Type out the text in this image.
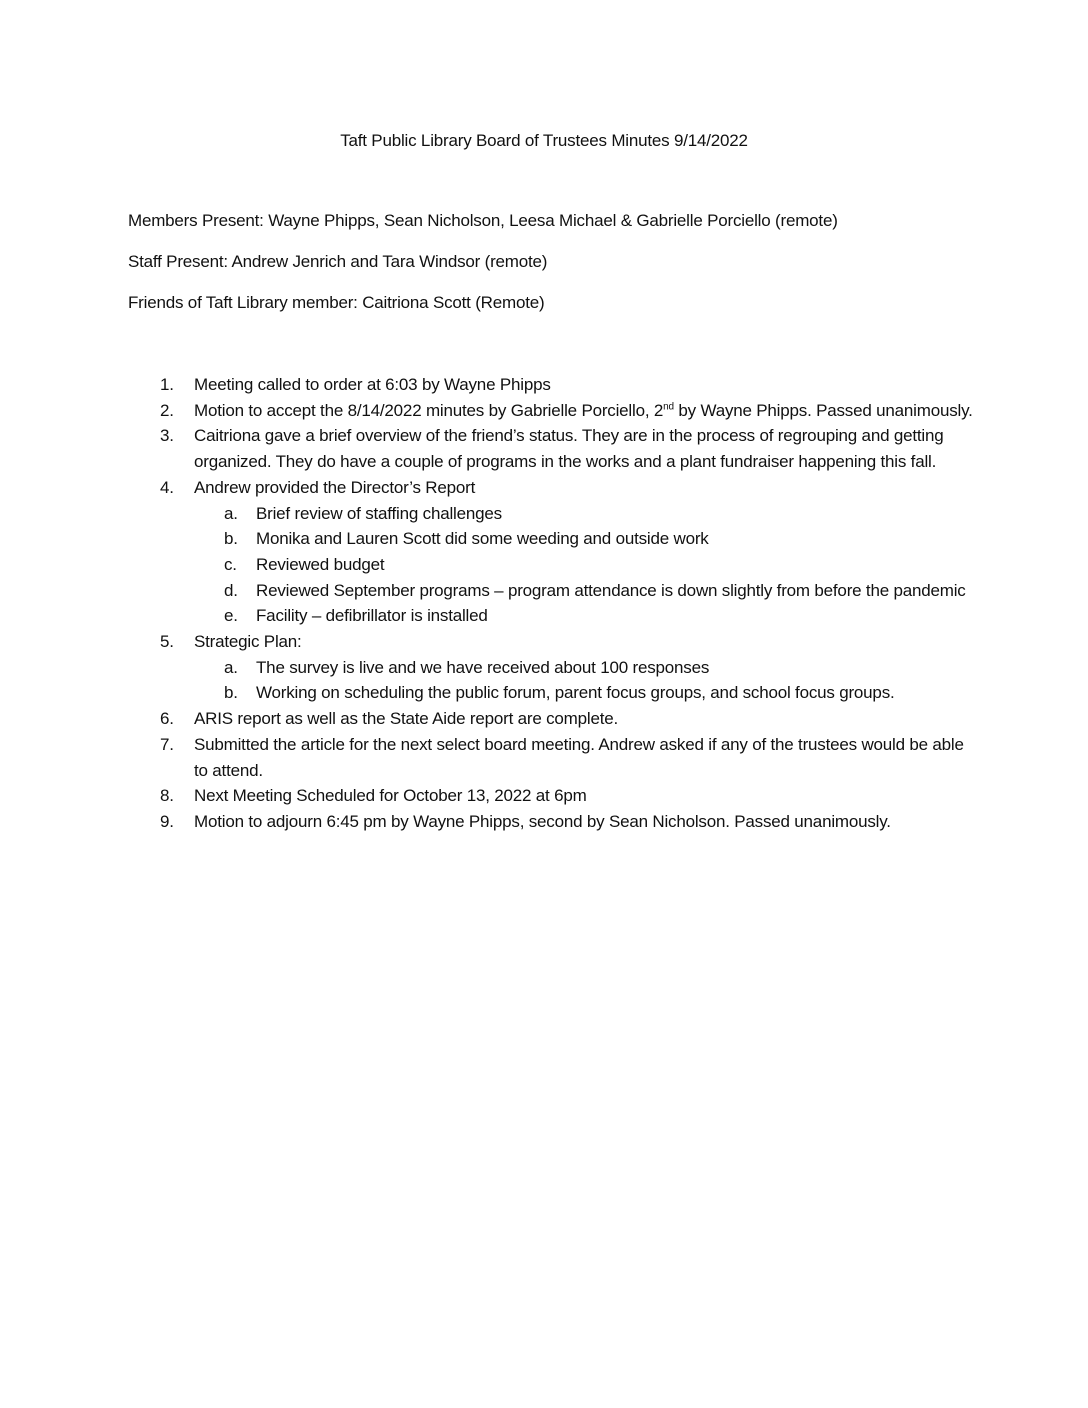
Taft Public Library Board of Trustees Minutes 9/14/2022
Members Present: Wayne Phipps, Sean Nicholson, Leesa Michael & Gabrielle Porciello (remote)
Staff Present: Andrew Jenrich and Tara Windsor (remote)
Friends of Taft Library member: Caitriona Scott (Remote)
1.	Meeting called to order at 6:03 by Wayne Phipps
2.	Motion to accept the 8/14/2022 minutes by Gabrielle Porciello, 2nd by Wayne Phipps. Passed unanimously.
3.	Caitriona gave a brief overview of the friend’s status. They are in the process of regrouping and getting organized. They do have a couple of programs in the works and a plant fundraiser happening this fall.
4.	Andrew provided the Director’s Report
a.	Brief review of staffing challenges
b.	Monika and Lauren Scott did some weeding and outside work
c.	Reviewed budget
d.	Reviewed September programs – program attendance is down slightly from before the pandemic
e.	Facility – defibrillator is installed
5.	Strategic Plan:
a.	The survey is live and we have received about 100 responses
b.	Working on scheduling the public forum, parent focus groups, and school focus groups.
6.	ARIS report as well as the State Aide report are complete.
7.	Submitted the article for the next select board meeting. Andrew asked if any of the trustees would be able to attend.
8.	Next Meeting Scheduled for October 13, 2022 at 6pm
9.	Motion to adjourn 6:45 pm by Wayne Phipps, second by Sean Nicholson. Passed unanimously.
